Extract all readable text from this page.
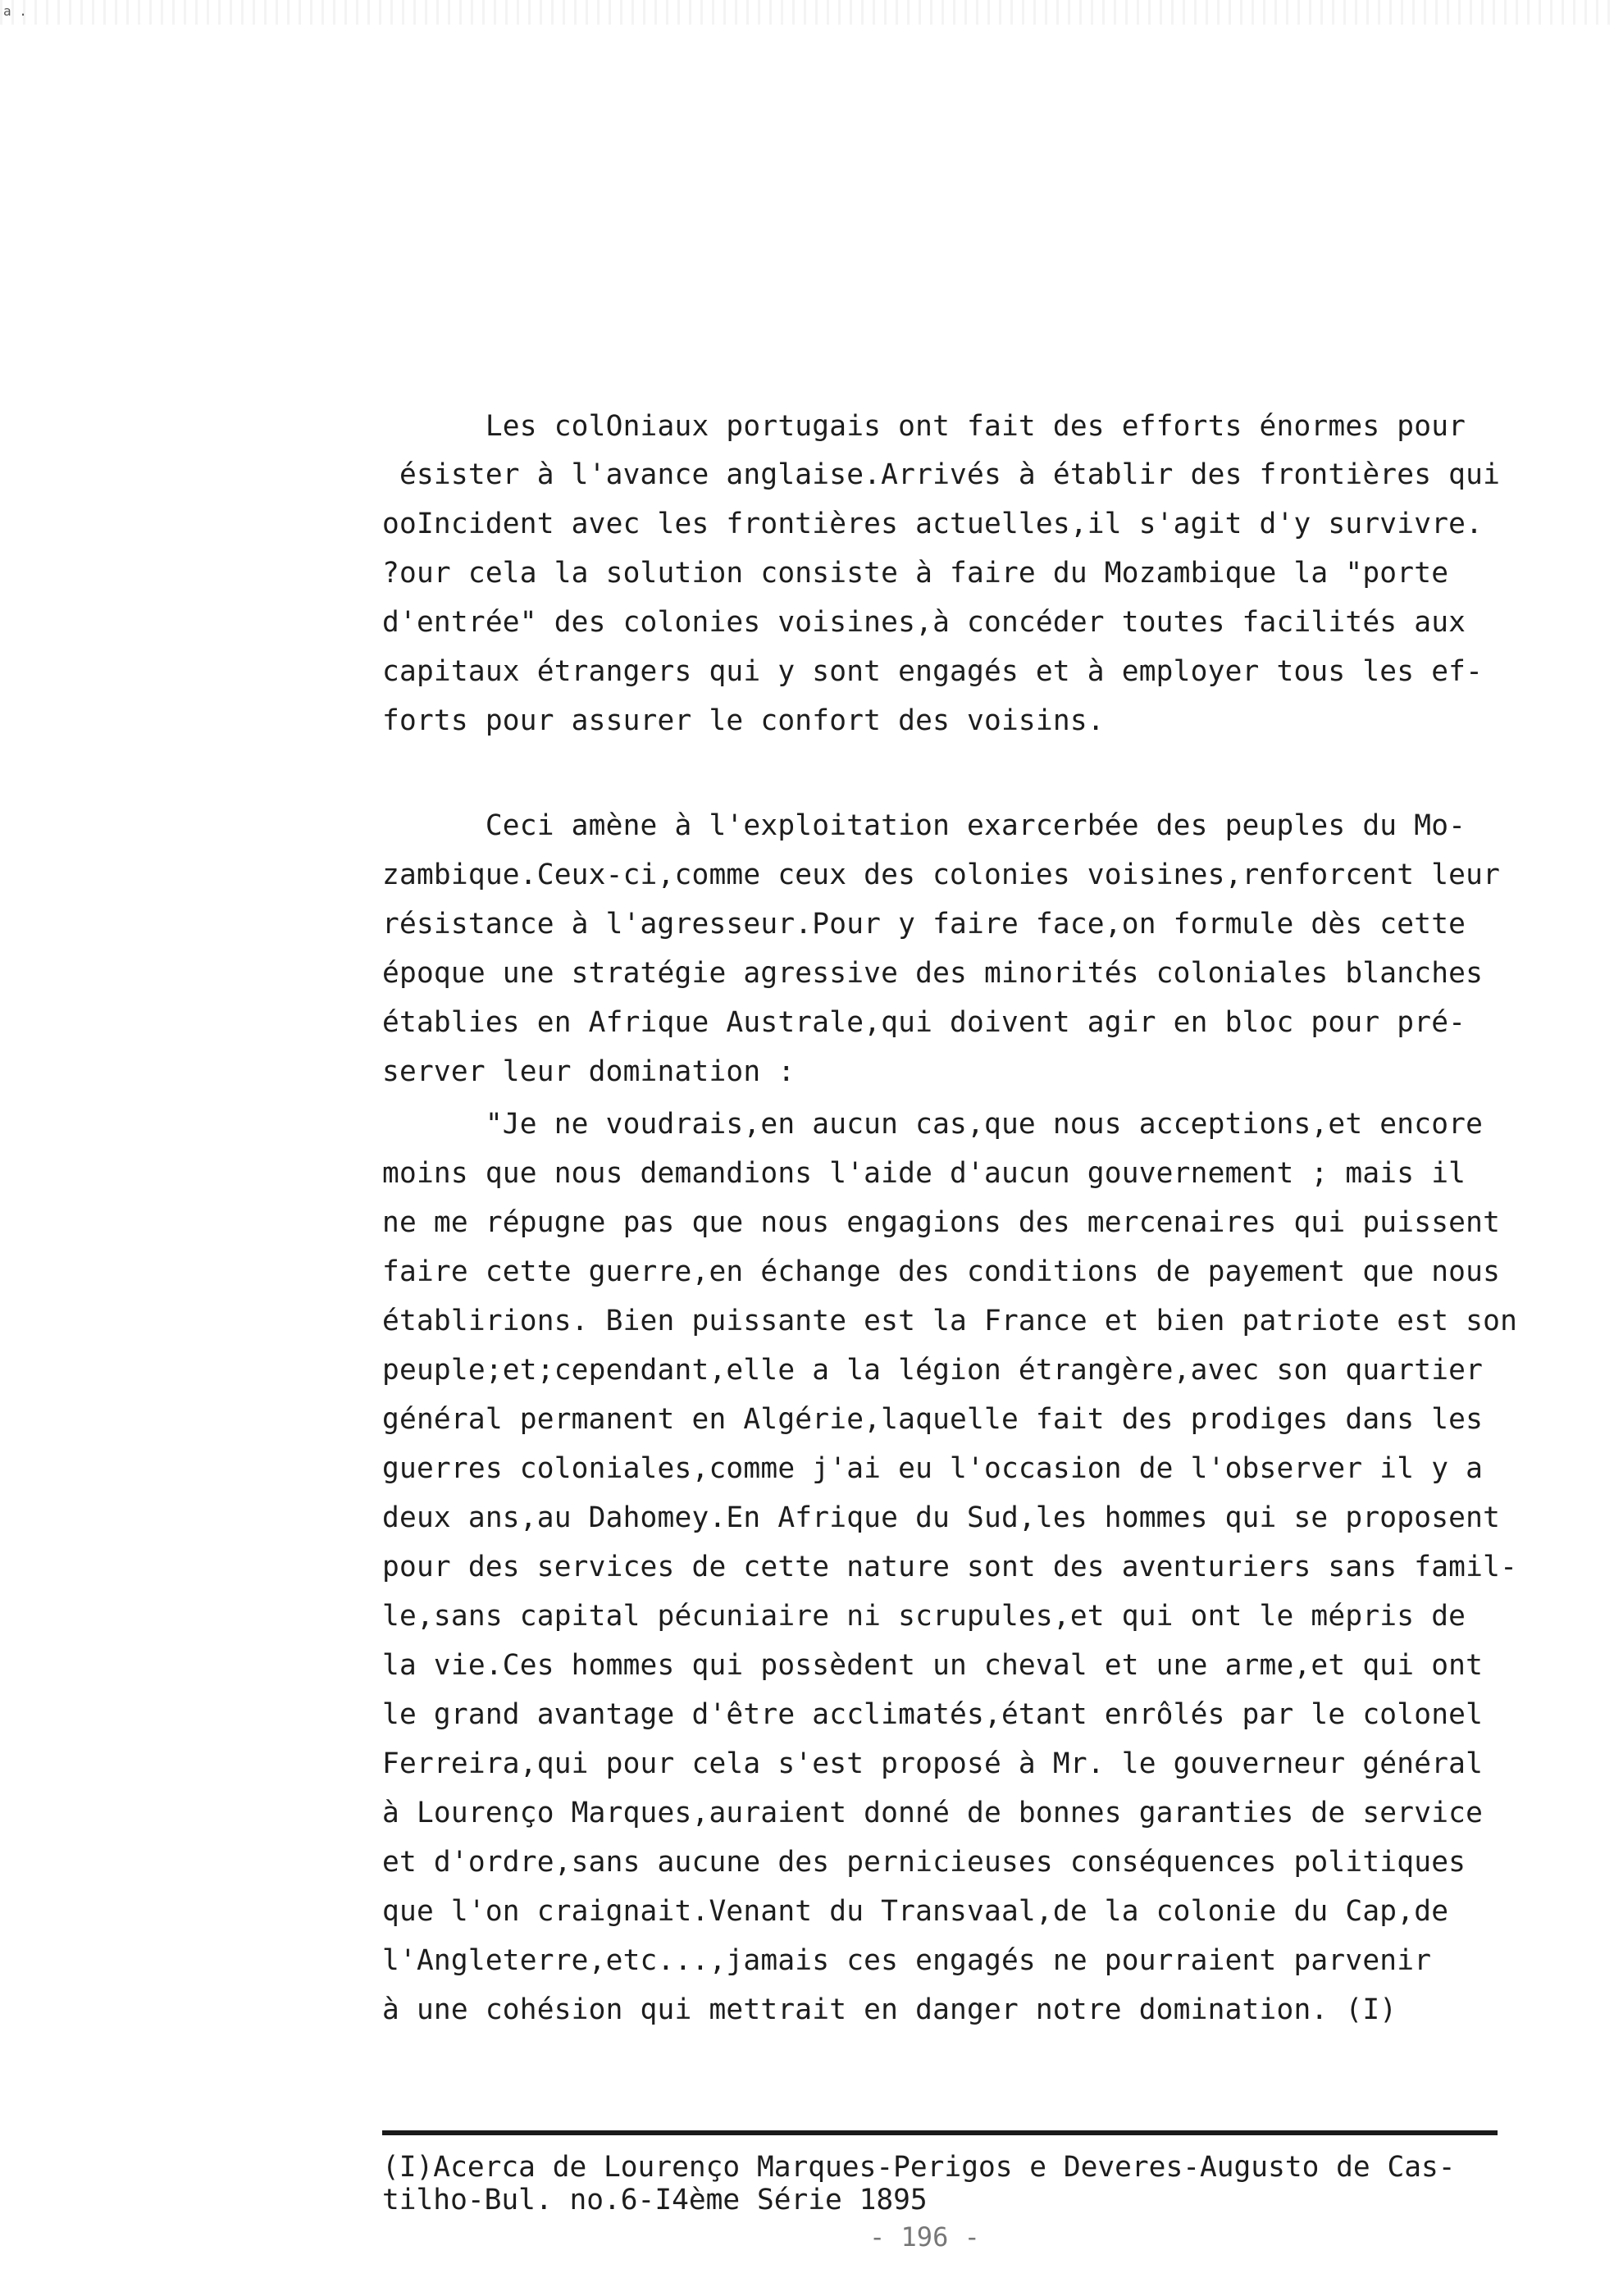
a .
Les colOniaux portugais ont fait des efforts énormes pour
ésister à l'avance anglaise.Arrivés à établir des frontières qui
ooIncident avec les frontières actuelles,il s'agit d'y survivre.
?our cela la solution consiste à faire du Mozambique la "porte
d'entrée" des colonies voisines,à concéder toutes facilités aux
capitaux étrangers qui y sont engagés et à employer tous les ef-
forts pour assurer le confort des voisins.
Ceci amène à l'exploitation exarcerbée des peuples du Mo-
zambique.Ceux-ci,comme ceux des colonies voisines,renforcent leur
résistance à l'agresseur.Pour y faire face,on formule dès cette
époque une stratégie agressive des minorités coloniales blanches
établies en Afrique Australe,qui doivent agir en bloc pour pré-
server leur domination :
"Je ne voudrais,en aucun cas,que nous acceptions,et encore
moins que nous demandions l'aide d'aucun gouvernement ; mais il
ne me répugne pas que nous engagions des mercenaires qui puissent
faire cette guerre,en échange des conditions de payement que nous
établirions. Bien puissante est la France et bien patriote est son
peuple;et;cependant,elle a la légion étrangère,avec son quartier
général permanent en Algérie,laquelle fait des prodiges dans les
guerres coloniales,comme j'ai eu l'occasion de l'observer il y a
deux ans,au Dahomey.En Afrique du Sud,les hommes qui se proposent
pour des services de cette nature sont des aventuriers sans famil-
le,sans capital pécuniaire ni scrupules,et qui ont le mépris de
la vie.Ces hommes qui possèdent un cheval et une arme,et qui ont
le grand avantage d'être acclimatés,étant enrôlés par le colonel
Ferreira,qui pour cela s'est proposé à Mr. le gouverneur général
à Lourenço Marques,auraient donné de bonnes garanties de service
et d'ordre,sans aucune des pernicieuses conséquences politiques
que l'on craignait.Venant du Transvaal,de la colonie du Cap,de
l'Angleterre,etc...,jamais ces engagés ne pourraient parvenir
à une cohésion qui mettrait en danger notre domination. (I)
(I)Acerca de Lourenço Marques-Perigos e Deveres-Augusto de Cas-
tilho-Bul. no.6-I4ème Série 1895
- 196 -
